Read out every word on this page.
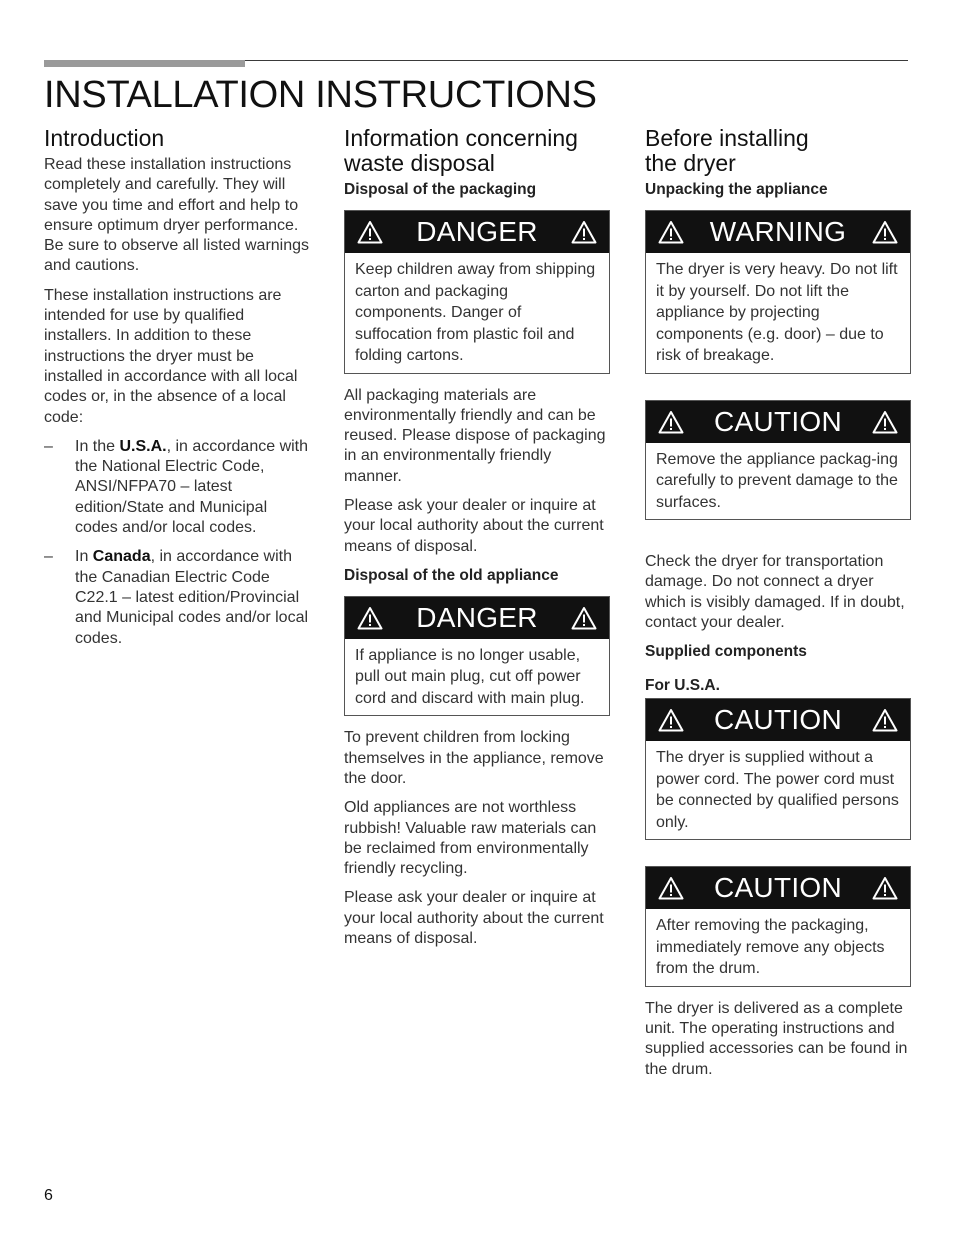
INSTALLATION INSTRUCTIONS
Introduction

Read these installation instructions completely and carefully. They will save you time and effort and help to ensure optimum dryer performance. Be sure to observe all listed warnings and cautions.

These installation instructions are intended for use by qualified installers. In addition to these instructions the dryer must be installed in accordance with all local codes or, in the absence of a local code:

– In the U.S.A., in accordance with the National Electric Code, ANSI/NFPA70 – latest edition/State and Municipal codes and/or local codes.
– In Canada, in accordance with the Canadian Electric Code C22.1 – latest edition/Provincial and Municipal codes and/or local codes.
Information concerning waste disposal
Disposal of the packaging
DANGER
Keep children away from shipping carton and packaging components. Danger of suffocation from plastic foil and folding cartons.

All packaging materials are environmentally friendly and can be reused. Please dispose of packaging in an environmentally friendly manner.

Please ask your dealer or inquire at your local authority about the current means of disposal.

Disposal of the old appliance
DANGER
If appliance is no longer usable, pull out main plug, cut off power cord and discard with main plug.

To prevent children from locking themselves in the appliance, remove the door.

Old appliances are not worthless rubbish! Valuable raw materials can be reclaimed from environmentally friendly recycling.

Please ask your dealer or inquire at your local authority about the current means of disposal.

Before installing the dryer
Unpacking the appliance
WARNING
The dryer is very heavy. Do not lift it by yourself. Do not lift the appliance by projecting components (e.g. door) – due to risk of breakage.
CAUTION
Remove the appliance packag-ing carefully to prevent damage to the surfaces.

Check the dryer for transportation damage. Do not connect a dryer which is visibly damaged. If in doubt, contact your dealer.

Supplied components
For U.S.A.
CAUTION
The dryer is supplied without a power cord. The power cord must be connected by qualified persons only.
CAUTION
After removing the packaging, immediately remove any objects from the drum.

The dryer is delivered as a complete unit. The operating instructions and supplied accessories can be found in the drum.

6
